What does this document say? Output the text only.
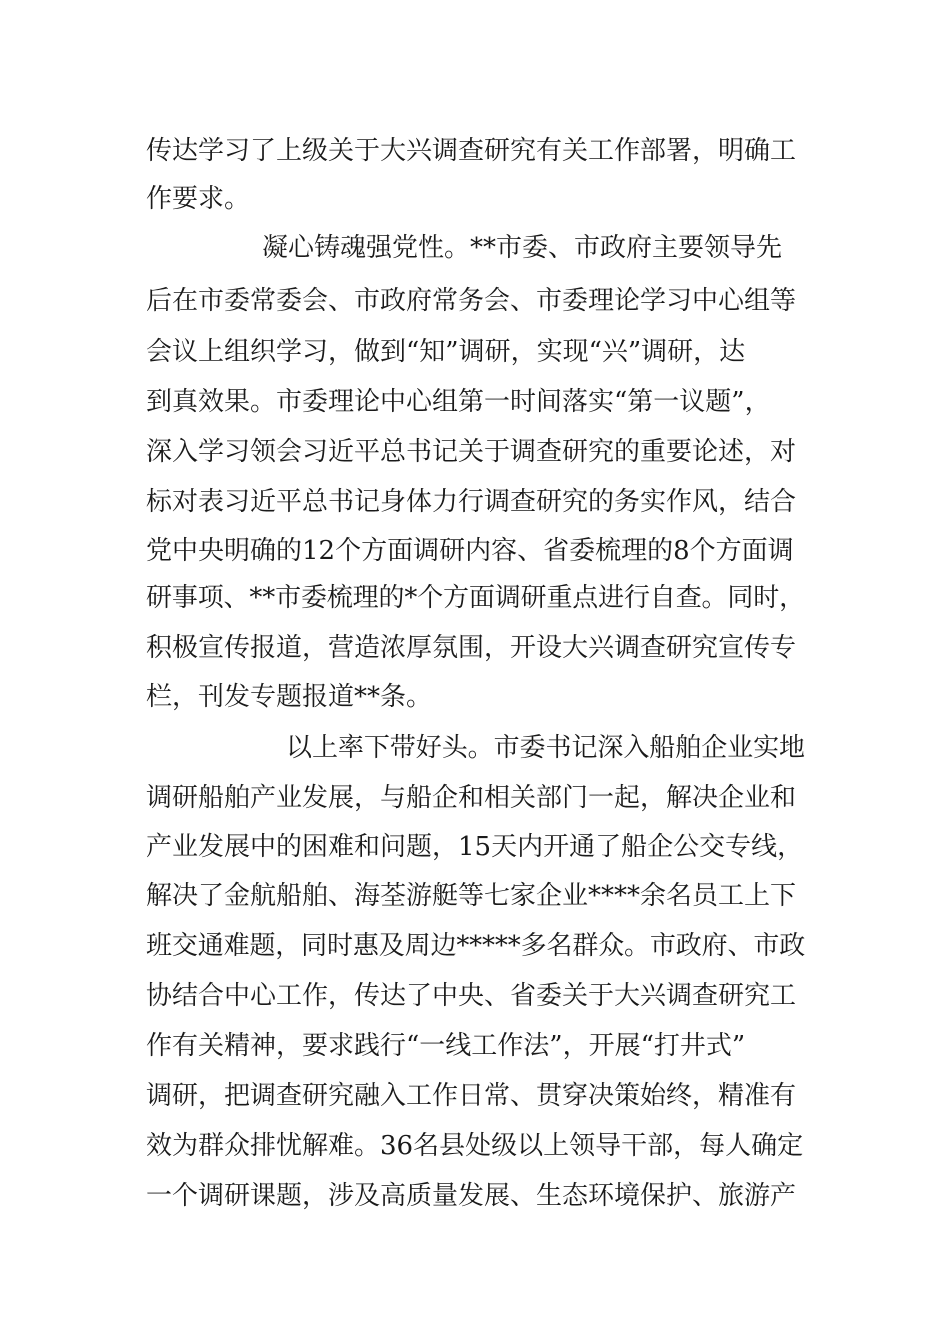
传达学习了上级关于大兴调查研究有关工作部署，明确工
作要求。
凝心铸魂强党性。**市委、市政府主要领导先
后在市委常委会、市政府常务会、市委理论学习中心组等
会议上组织学习，做到“知”调研，实现“兴”调研，达
到真效果。市委理论中心组第一时间落实“第一议题”，
深入学习领会习近平总书记关于调查研究的重要论述，对
标对表习近平总书记身体力行调查研究的务实作风，结合
党中央明确的12个方面调研内容、省委梳理的8个方面调
研事项、**市委梳理的*个方面调研重点进行自查。同时，
积极宣传报道，营造浓厚氛围，开设大兴调查研究宣传专
栏，刊发专题报道**条。
以上率下带好头。市委书记深入船舶企业实地
调研船舶产业发展，与船企和相关部门一起，解决企业和
产业发展中的困难和问题，15天内开通了船企公交专线，
解决了金航船舶、海荃游艇等七家企业****余名员工上下
班交通难题，同时惠及周边*****多名群众。市政府、市政
协结合中心工作，传达了中央、省委关于大兴调查研究工
作有关精神，要求践行“一线工作法”，开展“打井式”
调研，把调查研究融入工作日常、贯穿决策始终，精准有
效为群众排忧解难。36名县处级以上领导干部，每人确定
一个调研课题，涉及高质量发展、生态环境保护、旅游产
